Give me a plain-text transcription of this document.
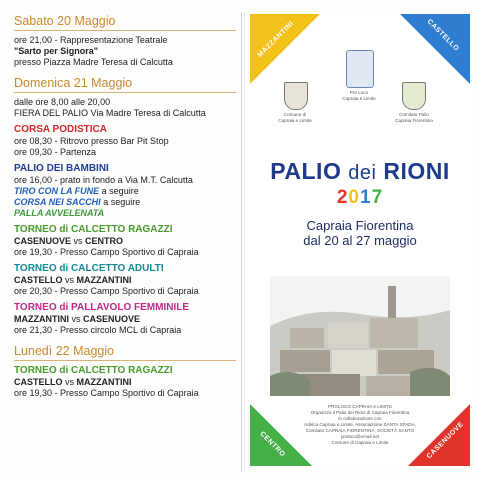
Sabato 20 Maggio
ore 21,00 - Rappresentazione Teatrale
"Sarto per Signora"
presso Piazza Madre Teresa di Calcutta
Domenica 21 Maggio
dalle ore 8,00 alle 20,00
FIERA DEL PALIO Via Madre Teresa di Calcutta
CORSA PODISTICA
ore 08,30 - Ritrovo presso Bar Pit Stop
ore 09,30 - Partenza
PALIO DEI BAMBINI
ore 16,00 - prato in fondo a Via M.T. Calcutta
TIRO CON LA FUNE a seguire
CORSA NEI SACCHI a seguire
PALLA AVVELENATA
TORNEO di CALCETTO RAGAZZI
CASENUOVE vs CENTRO
ore 19,30 - Presso Campo Sportivo di Capraia
TORNEO di CALCETTO ADULTI
CASTELLO vs MAZZANTINI
ore 20,30 - Presso Campo Sportivo di Capraia
TORNEO di PALLAVOLO FEMMINILE
MAZZANTINI vs CASENUOVE
ore 21,30 - Presso circolo MCL di Capraia
Lunedì 22 Maggio
TORNEO di CALCETTO RAGAZZI
CASTELLO vs MAZZANTINI
ore 19,30 - Presso Campo Sportivo di Capraia
MAZZANTINI	CASTELLO
CENTRO	CASENUOVE
Comune di
Capraia e Limite
Pro Loco
Capraia e Limite
Comitato Palio
Capraia Fiorentina
PALIO dei RIONI
2017
Capraia Fiorentina
dal 20 al 27 maggio
PROLOCO CAPRAIA e LIMITE
Organizza il Palio dei Rioni di Capraia Fiorentina
in collaborazione con
Adelca Capraia e Limite, Associazione SANTA SPADA,
Comitato CAPRAIA FIORENTINA, SOCIETÀ SANTO
proloco@email.net
Comune di Capraia e Limite
